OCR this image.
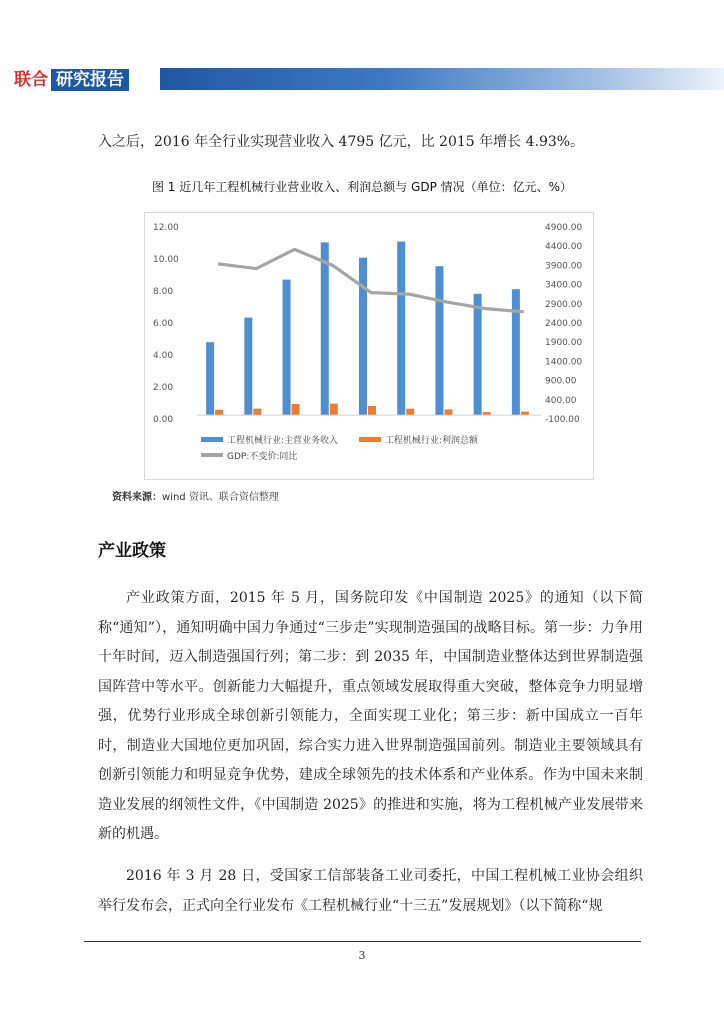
联合 研究报告

入之后，2016 年全行业实现营业收入 4795 亿元，比 2015 年增长 4.93%。

图 1 近几年工程机械行业营业收入、利润总额与 GDP 情况（单位：亿元、%）
12.00
10.00
8.00
6.00
4.00
2.00
0.00
4900.00
4400.00
3900.00
3400.00
2900.00
2400.00
1900.00
1400.00
900.00
400.00
-100.00
工程机械行业:主营业务收入
	工程机械行业:利润总额

GDP:不变价:同比
资料来源：wind 资讯、联合资信整理
产业政策

产业政策方面，2015 年 5 月，国务院印发《中国制造 2025》的通知（以下简称“通知”），通知明确中国力争通过“三步走”实现制造强国的战略目标。第一步：力争用十年时间，迈入制造强国行列；第二步：到 2035 年，中国制造业整体达到世界制造强国阵营中等水平。创新能力大幅提升，重点领域发展取得重大突破，整体竞争力明显增强，优势行业形成全球创新引领能力，全面实现工业化；第三步：新中国成立一百年时，制造业大国地位更加巩固，综合实力进入世界制造强国前列。制造业主要领域具有创新引领能力和明显竞争优势，建成全球领先的技术体系和产业体系。作为中国未来制造业发展的纲领性文件，《中国制造 2025》的推进和实施，将为工程机械产业发展带来新的机遇。

2016 年 3 月 28 日，受国家工信部装备工业司委托，中国工程机械工业协会组织举行发布会，正式向全行业发布《工程机械行业“十三五”发展规划》（以下简称“规

3
